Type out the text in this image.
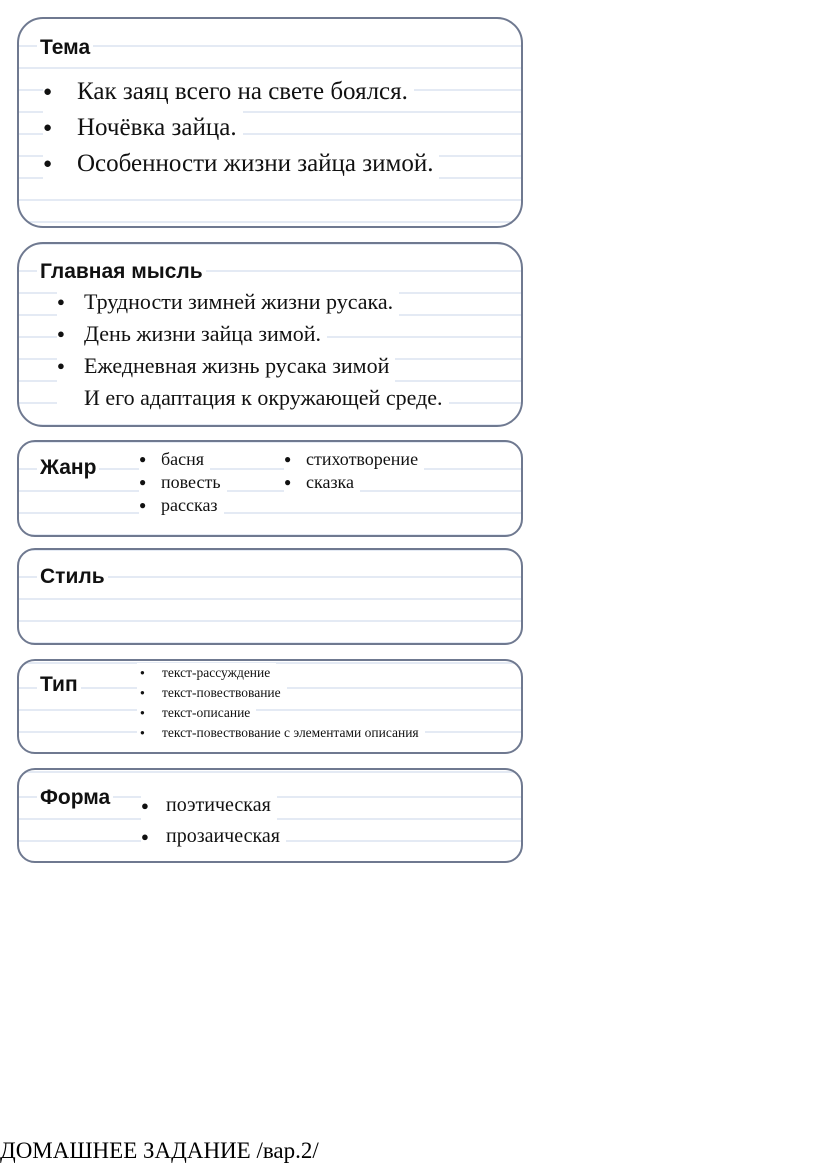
Тема
● Как заяц всего на свете боялся.
● Ночёвка зайца.
● Особенности жизни зайца зимой.
Главная мысль
● Трудности зимней жизни русака.
● День жизни зайца зимой.
● Ежедневная жизнь русака зимой
И его адаптация к окружающей среде.
Жанр	● басня
● повесть
● рассказ
● стихотворение
● сказка
Стиль
Тип
● текст-рассуждение
● текст-повествование
● текст-описание
● текст-повествование с элементами описания
Форма	● поэтическая
● прозаическая
ДОМАШНЕЕ ЗАДАНИЕ /вар.2/
